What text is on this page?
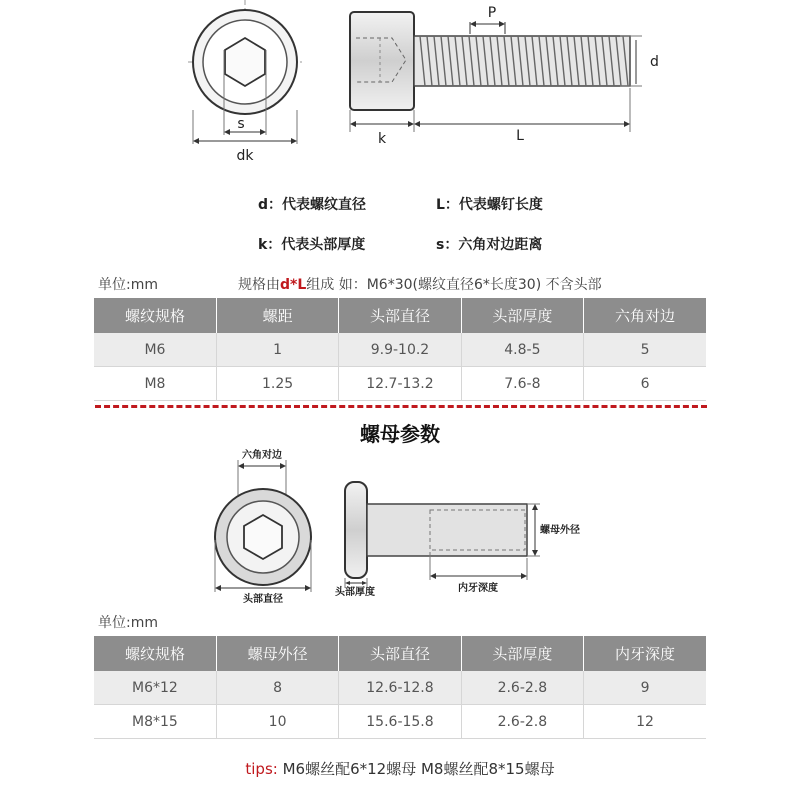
s
dk
P
d
k	L
d：代表螺纹直径	L：代表螺钉长度
k：代表头部厚度	s：六角对边距离
单位:mm	规格由d*L组成 如：M6*30(螺纹直径6*长度30) 不含头部
螺纹规格	螺距	头部直径	头部厚度	六角对边
M6	1	9.9-10.2	4.8-5	5
M8	1.25	12.7-13.2	7.6-8	6
螺母参数
六角对边
头部直径
头部厚度	内牙深度
螺母外径
单位:mm
螺纹规格	螺母外径	头部直径	头部厚度	内牙深度
M6*12	8	12.6-12.8	2.6-2.8	9
M8*15	10	15.6-15.8	2.6-2.8	12
tips: M6螺丝配6*12螺母 M8螺丝配8*15螺母
